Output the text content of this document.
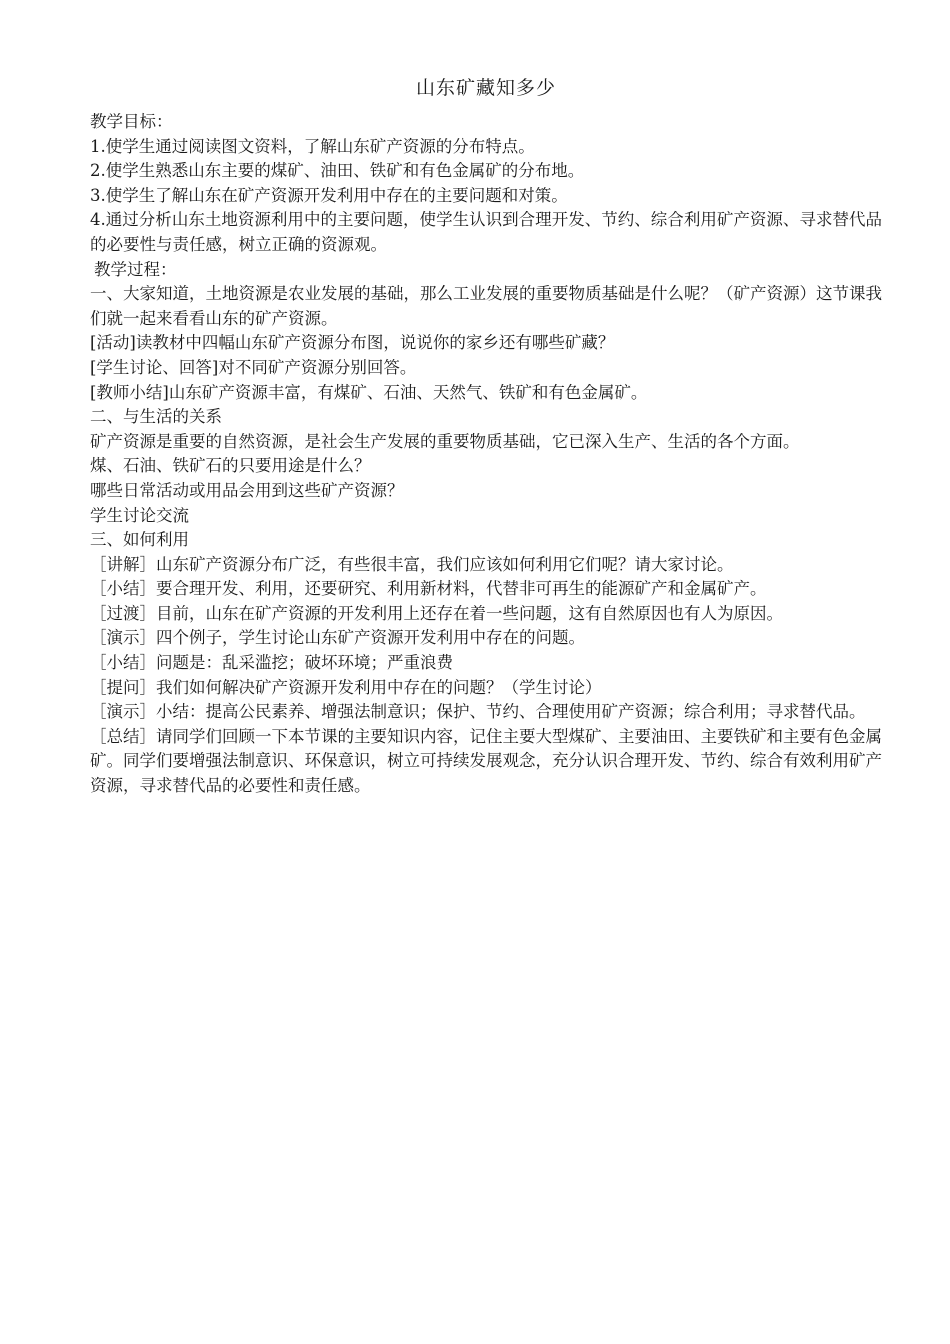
山东矿藏知多少

教学目标：

1.使学生通过阅读图文资料，了解山东矿产资源的分布特点。

2.使学生熟悉山东主要的煤矿、油田、铁矿和有色金属矿的分布地。

3.使学生了解山东在矿产资源开发利用中存在的主要问题和对策。

4.通过分析山东土地资源利用中的主要问题，使学生认识到合理开发、节约、综合利用矿产资源、寻求替代品的必要性与责任感，树立正确的资源观。

教学过程：

一、大家知道，土地资源是农业发展的基础，那么工业发展的重要物质基础是什么呢？（矿产资源）这节课我们就一起来看看山东的矿产资源。

[活动]读教材中四幅山东矿产资源分布图，说说你的家乡还有哪些矿藏？

[学生讨论、回答]对不同矿产资源分别回答。

[教师小结]山东矿产资源丰富，有煤矿、石油、天然气、铁矿和有色金属矿。

二、与生活的关系

矿产资源是重要的自然资源，是社会生产发展的重要物质基础，它已深入生产、生活的各个方面。

煤、石油、铁矿石的只要用途是什么？

哪些日常活动或用品会用到这些矿产资源？

学生讨论交流

三、如何利用

［讲解］山东矿产资源分布广泛，有些很丰富，我们应该如何利用它们呢？请大家讨论。

［小结］要合理开发、利用，还要研究、利用新材料，代替非可再生的能源矿产和金属矿产。

［过渡］目前，山东在矿产资源的开发利用上还存在着一些问题，这有自然原因也有人为原因。

［演示］四个例子，学生讨论山东矿产资源开发利用中存在的问题。

［小结］问题是：乱采滥挖；破坏环境；严重浪费

［提问］我们如何解决矿产资源开发利用中存在的问题？（学生讨论）

［演示］小结：提高公民素养、增强法制意识；保护、节约、合理使用矿产资源；综合利用；寻求替代品。

［总结］请同学们回顾一下本节课的主要知识内容，记住主要大型煤矿、主要油田、主要铁矿和主要有色金属矿。同学们要增强法制意识、环保意识，树立可持续发展观念，充分认识合理开发、节约、综合有效利用矿产资源，寻求替代品的必要性和责任感。
